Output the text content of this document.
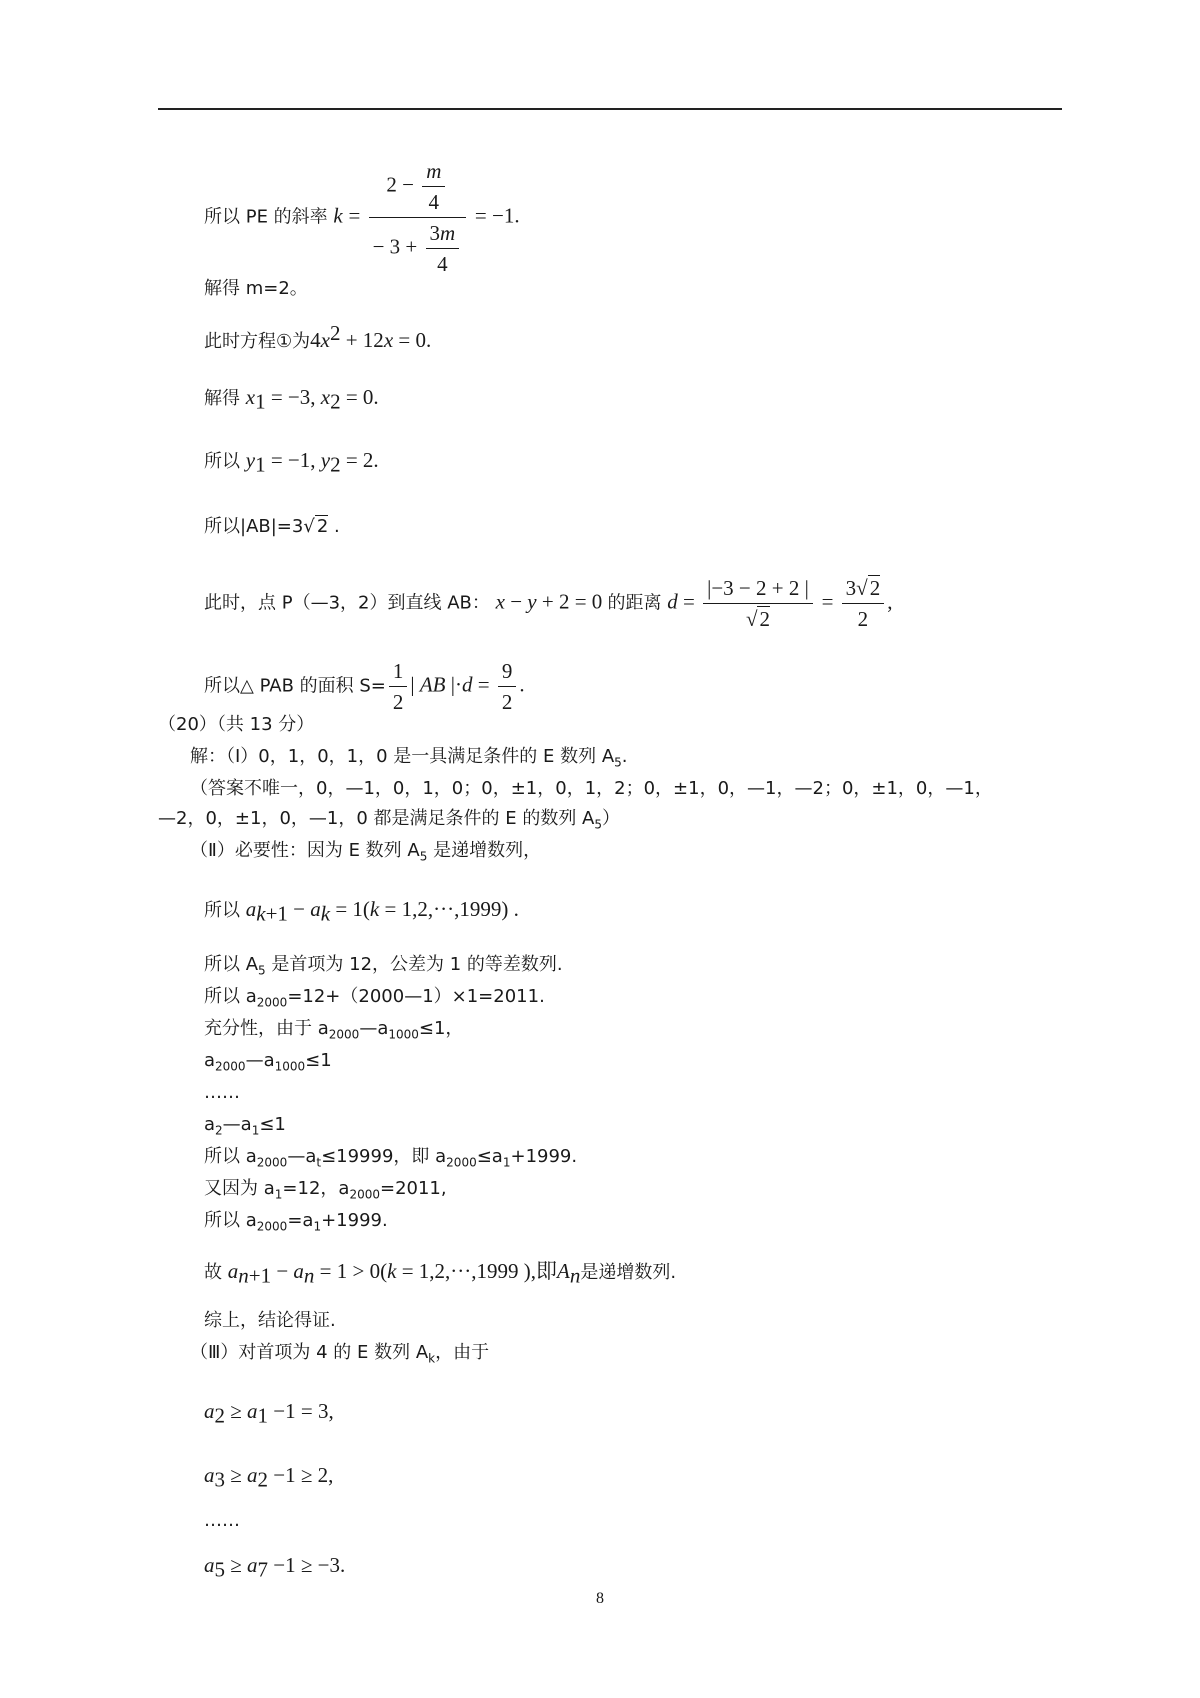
所以 PE 的斜率 $k = \frac{2 - \frac{m}{4}}{- 3 + \frac{3m}{4}} = -1$.
解得 m=2。
此时方程①为$4x^2 + 12x = 0$.
解得 $x_1 = -3$, $x_2 = 0$.
所以 $y_1 = -1$, $y_2 = 2$.
所以|AB|=3√ 2 .
此时，点 P（—3，2）到直线 AB： x − y + 2 = 0 的距离 $d = \frac{|-3 - 2 + 2 |}{√2} = \frac{3√2}{2}$ ,
所以△ PAB 的面积 $S= \frac{1}{2}$ | AB $|\cdot d = \frac{9}{2}$ .
（20）（共 13 分）
解：（Ⅰ）0，1，0，1，0 是一具满足条件的 E 数列 $A_5$.
（答案不唯一，0，—1，0，1，0；0，±1，0，1，2；0，±1，0，—1，—2；0，±1，0，—1，
—2，0，±1，0，—1，0 都是满足条件的 E 的数列 $A_5$）
（Ⅱ）必要性：因为 E 数列 $A_5$ 是递增数列，
所以 $a_{k+1} - a_k = 1(k = 1,2,\cdot\cdot\cdot,1999)$ .
所以 $A_5$ 是首项为 12，公差为 1 的等差数列.
所以 $a_{2000}=12+(2000—1)\times 1=2011$.
充分性，由于 $a_{2000}—a_{1000}\le 1$，
$a_{2000}—a_{1000}\le 1$
……
$a_2—a_1\le 1$
所以 $a_{2000}—a_t\le 19999$，即 $a_{2000}\le a_1+1999$.
又因为 $a_1=12$，$a_{2000}=2011$,
所以 $a_{2000}=a_1+1999$.
故 $a_{n+1} - a_n = 1 > 0(k = 1,2,\cdot\cdot\cdot,1999$ ),即$A_n$是递增数列.
综上，结论得证.
（Ⅲ）对首项为 4 的 E 数列 $A_k$，由于
$a_2 \ge a_1 -1 = 3$,
$a_3 \ge a_2 -1 \ge 2$,
……
$a_5 \ge a_7 -1 \ge -3$.
8
